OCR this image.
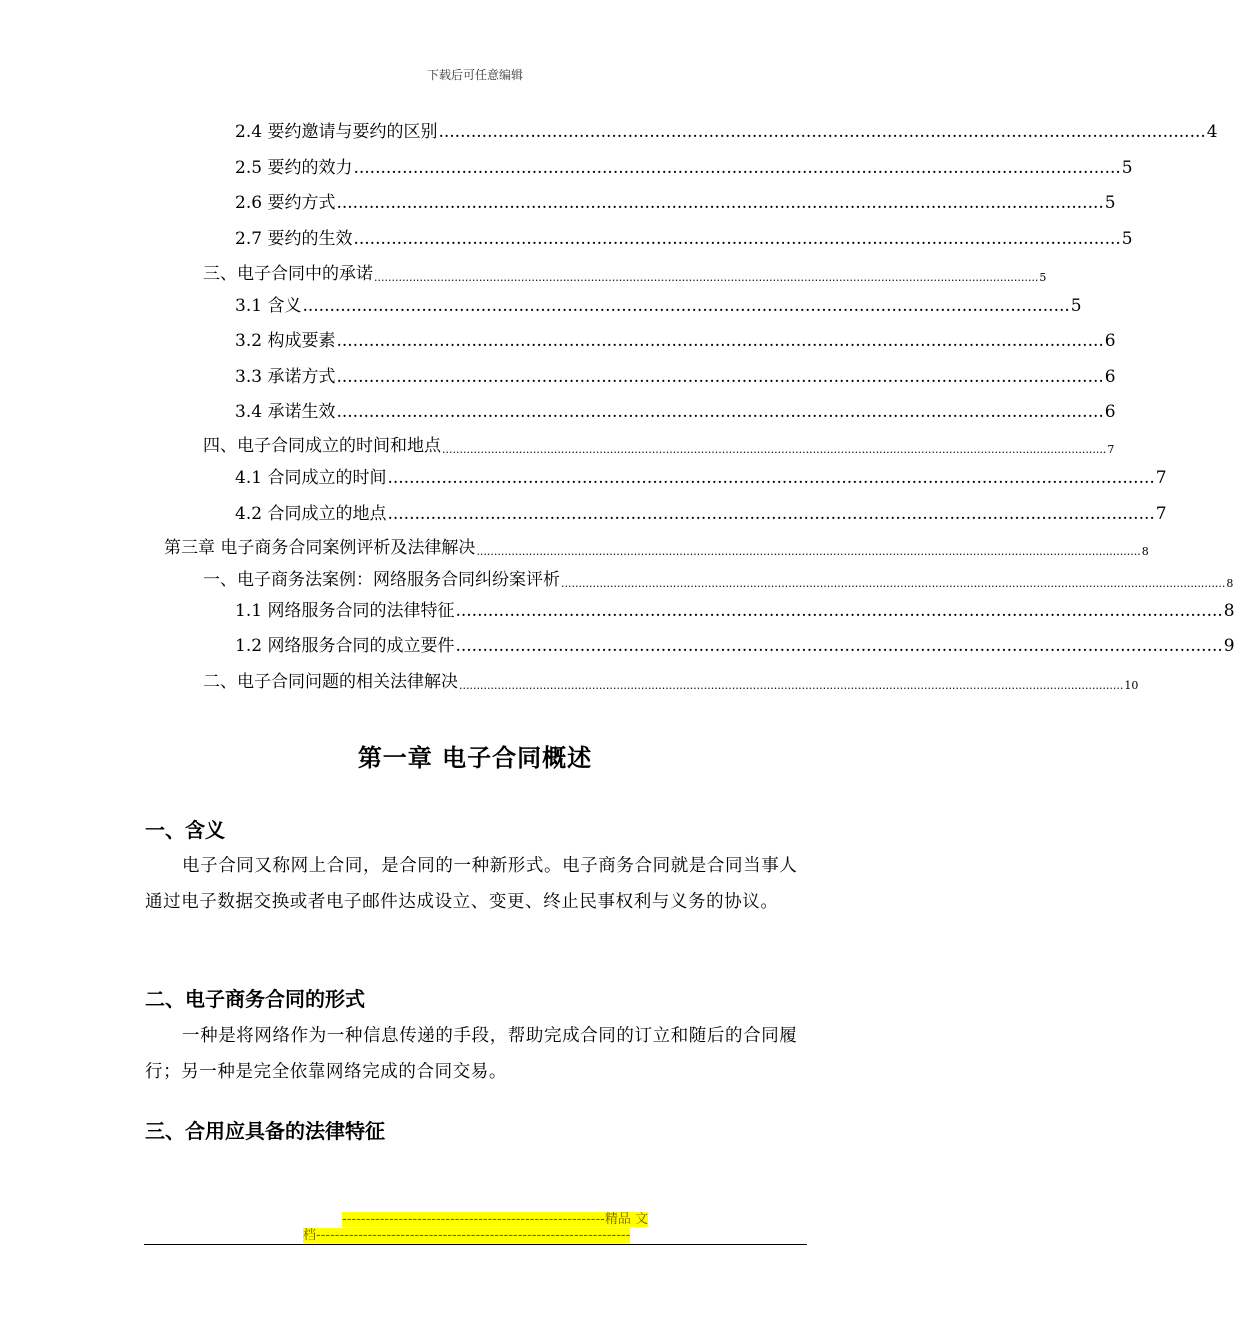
下载后可任意编辑
2.4 要约邀请与要约的区别 .............................................................................................................................................. 4
2.5 要约的效力 .............................................................................................................................................. 5
2.6 要约方式 .............................................................................................................................................. 5
2.7 要约的生效 .............................................................................................................................................. 5
三、电子合同中的承诺 .............................................................................................................................................................................................. 5
3.1 含义 .............................................................................................................................................. 5
3.2 构成要素 .............................................................................................................................................. 6
3.3 承诺方式 .............................................................................................................................................. 6
3.4 承诺生效 .............................................................................................................................................. 6
四、电子合同成立的时间和地点 .............................................................................................................................................................................................. 7
4.1 合同成立的时间 .............................................................................................................................................. 7
4.2 合同成立的地点 .............................................................................................................................................. 7
第三章 电子商务合同案例评析及法律解决 .............................................................................................................................................................................................. 8
一、电子商务法案例：网络服务合同纠纷案评析 .............................................................................................................................................................................................. 8
1.1 网络服务合同的法律特征 .............................................................................................................................................. 8
1.2 网络服务合同的成立要件 .............................................................................................................................................. 9
二、电子合同问题的相关法律解决 .............................................................................................................................................................................................. 10
第一章 电子合同概述
一、含义
电子合同又称网上合同，是合同的一种新形式。电子商务合同就是合同当事人通过电子数据交换或者电子邮件达成设立、变更、终止民事权利与义务的协议。
二、电子商务合同的形式
一种是将网络作为一种信息传递的手段，帮助完成合同的订立和随后的合同履行；另一种是完全依靠网络完成的合同交易。
三、合用应具备的法律特征
--------------------------------------------------------精品 文
档-------------------------------------------------------------------
